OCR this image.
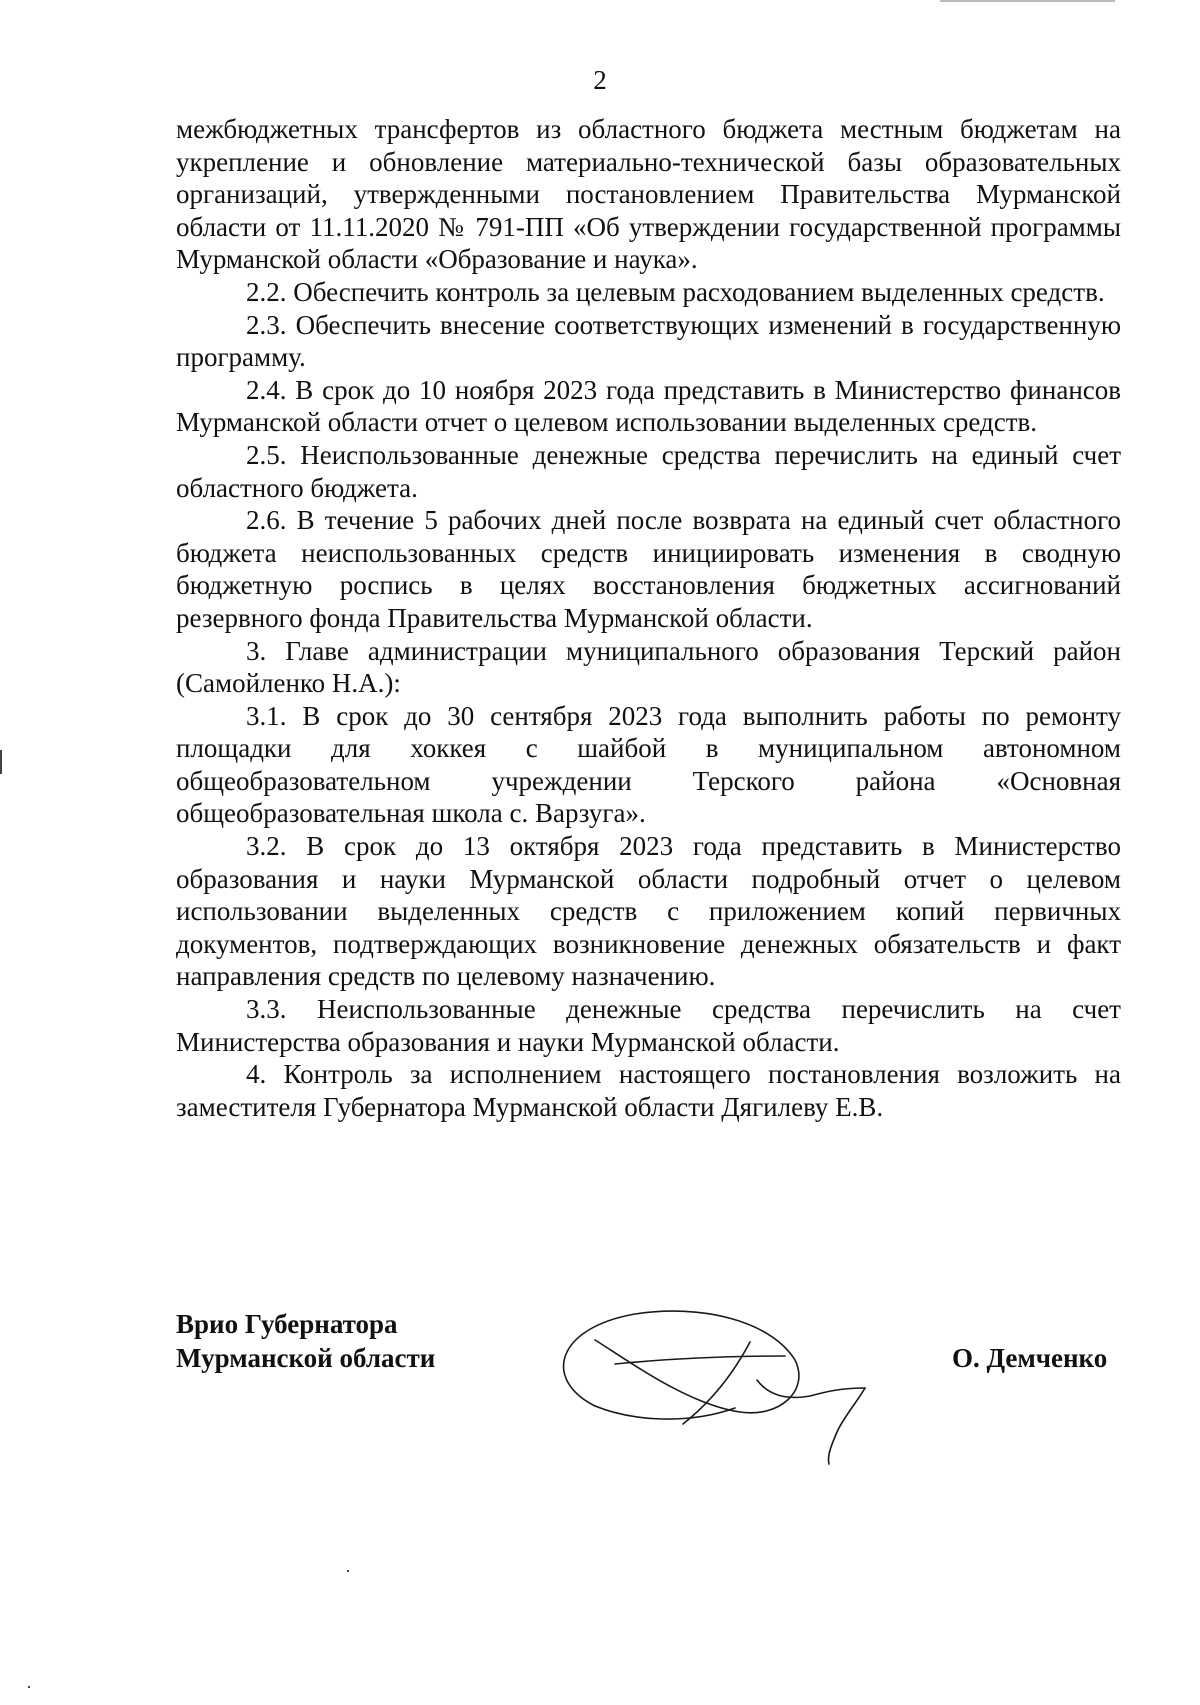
2

межбюджетных трансфертов из областного бюджета местным бюджетам на укрепление и обновление материально-технической базы образовательных организаций, утвержденными постановлением Правительства Мурманской области от 11.11.2020 № 791-ПП «Об утверждении государственной программы Мурманской области «Образование и наука».

2.2. Обеспечить контроль за целевым расходованием выделенных средств.

2.3. Обеспечить внесение соответствующих изменений в государственную программу.

2.4. В срок до 10 ноября 2023 года представить в Министерство финансов Мурманской области отчет о целевом использовании выделенных средств.

2.5. Неиспользованные денежные средства перечислить на единый счет областного бюджета.

2.6. В течение 5 рабочих дней после возврата на единый счет областного бюджета неиспользованных средств инициировать изменения в сводную бюджетную роспись в целях восстановления бюджетных ассигнований резервного фонда Правительства Мурманской области.

3. Главе администрации муниципального образования Терский район (Самойленко Н.А.):

3.1. В срок до 30 сентября 2023 года выполнить работы по ремонту площадки для хоккея с шайбой в муниципальном автономном общеобразовательном учреждении Терского района «Основная общеобразовательная школа с. Варзуга».

3.2. В срок до 13 октября 2023 года представить в Министерство образования и науки Мурманской области подробный отчет о целевом использовании выделенных средств с приложением копий первичных документов, подтверждающих возникновение денежных обязательств и факт направления средств по целевому назначению.

3.3. Неиспользованные денежные средства перечислить на счет Министерства образования и науки Мурманской области.

4. Контроль за исполнением настоящего постановления возложить на заместителя Губернатора Мурманской области Дягилеву Е.В.

Врио Губернатора
Мурманской области	О. Демченко
